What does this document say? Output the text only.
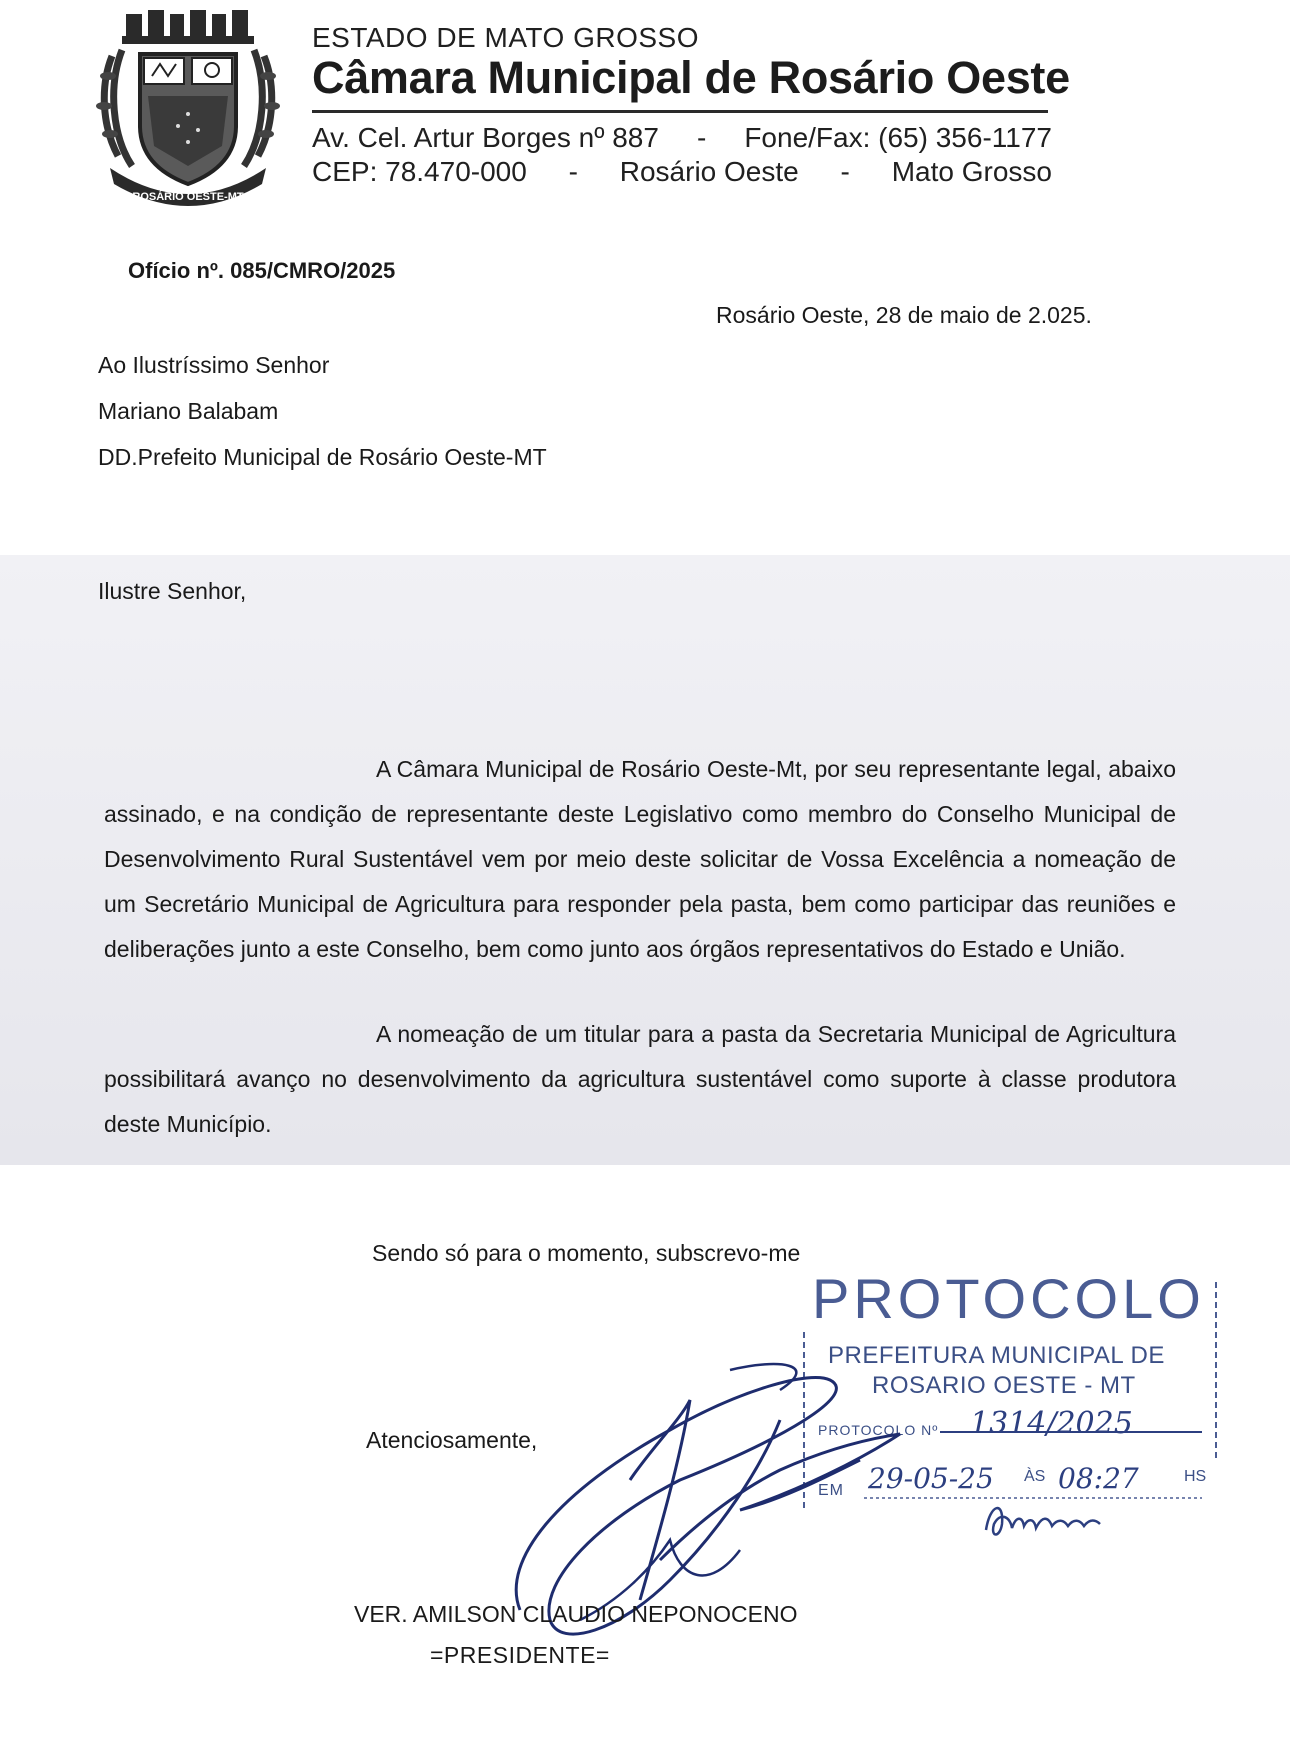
ROSÁRIO OESTE-MT
ESTADO DE MATO GROSSO
Câmara Municipal de Rosário Oeste
Av. Cel. Artur Borges nº 887 - Fone/Fax: (65) 356-1177
CEP: 78.470-000 - Rosário Oeste - Mato Grosso
Ofício nº. 085/CMRO/2025
Rosário Oeste, 28 de maio de 2.025.
Ao Ilustríssimo Senhor
Mariano Balabam
DD.Prefeito Municipal de Rosário Oeste-MT
Ilustre Senhor,

A Câmara Municipal de Rosário Oeste-Mt, por seu representante legal, abaixo assinado, e na condição de representante deste Legislativo como membro do Conselho Municipal de Desenvolvimento Rural Sustentável vem por meio deste solicitar de Vossa Excelência a nomeação de um Secretário Municipal de Agricultura para responder pela pasta, bem como participar das reuniões e deliberações junto a este Conselho, bem como junto aos órgãos representativos do Estado e União.

A nomeação de um titular para a pasta da Secretaria Municipal de Agricultura possibilitará avanço no desenvolvimento da agricultura sustentável como suporte à classe produtora deste Município.

Sendo só para o momento, subscrevo-me
Atenciosamente,
PROTOCOLO
PREFEITURA MUNICIPAL DE
ROSARIO OESTE - MT
PROTOCOLO Nº 1314/2025
EM 29-05-25 ÀS 08:27	HS
VER. AMILSON CLAUDIO NEPONOCENO
=PRESIDENTE=
